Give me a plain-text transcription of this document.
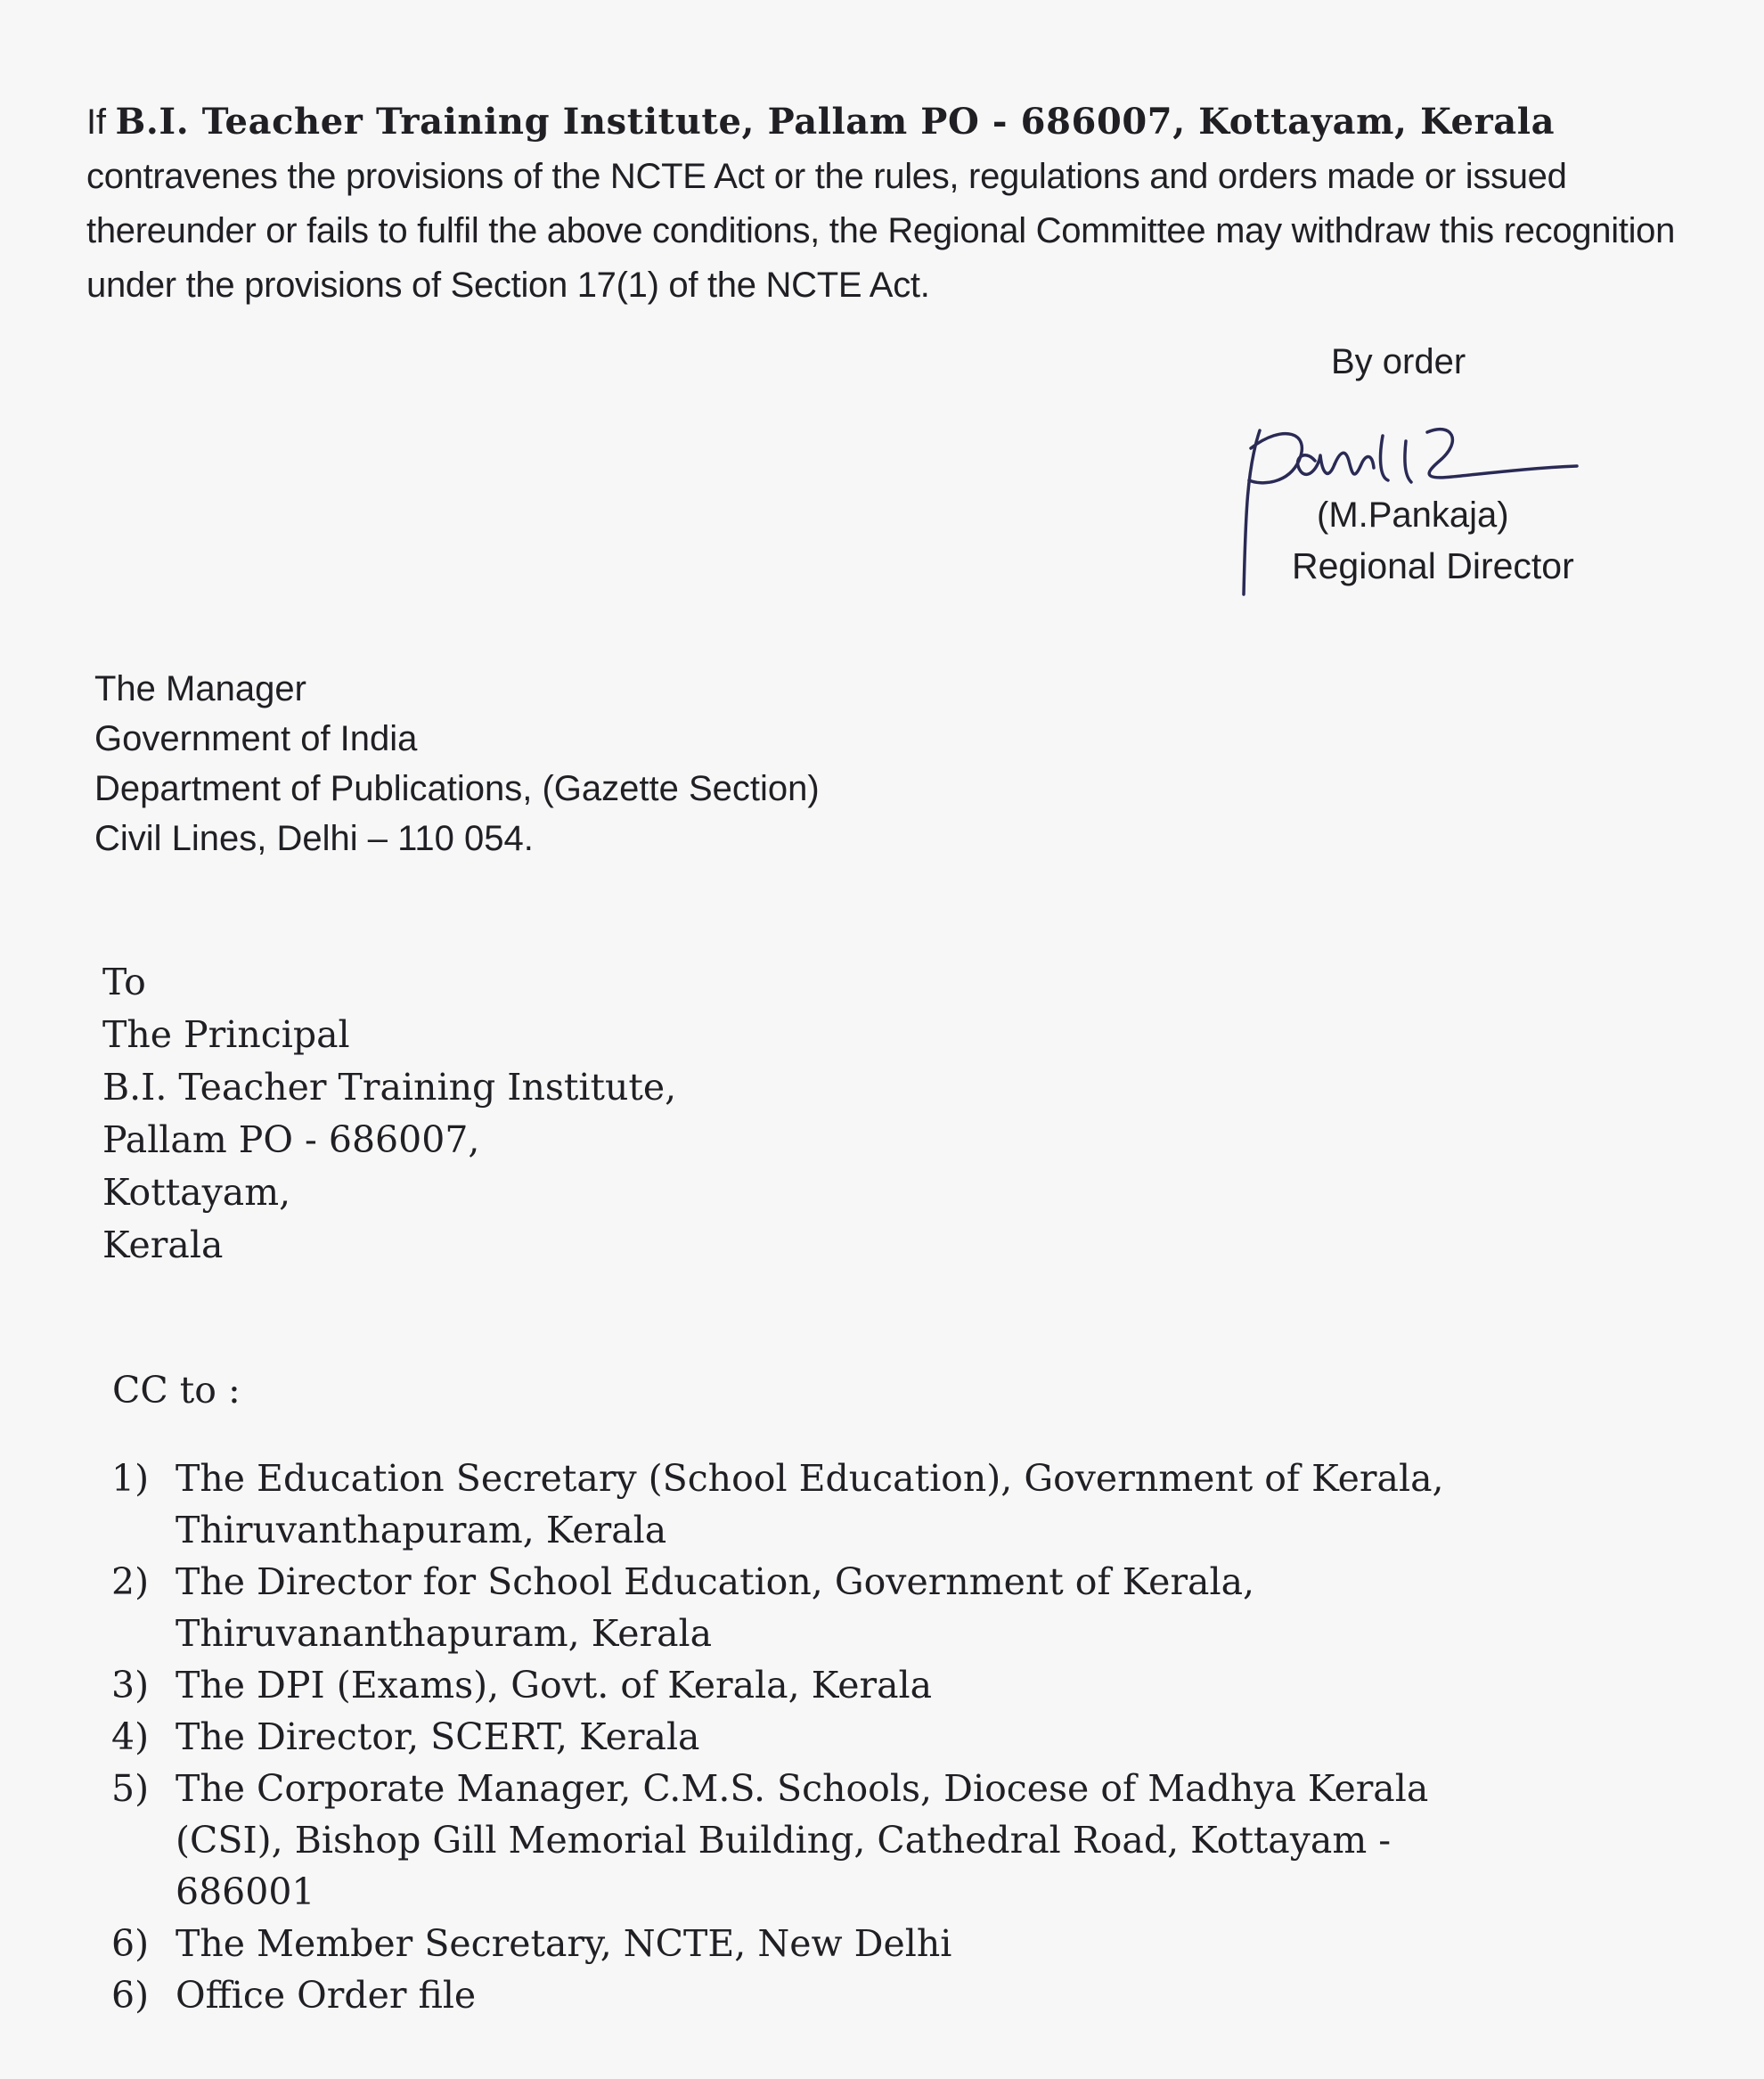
If B.I. Teacher Training Institute, Pallam PO - 686007, Kottayam, Kerala contravenes the provisions of the NCTE Act or the rules, regulations and orders made or issued thereunder or fails to fulfil the above conditions, the Regional Committee may withdraw this recognition under the provisions of Section 17(1) of the NCTE Act.
By order
(M.Pankaja)
Regional Director
The Manager
Government of India
Department of Publications, (Gazette Section)
Civil Lines, Delhi – 110 054.
To
The Principal
B.I. Teacher Training Institute,
Pallam PO - 686007,
Kottayam,
Kerala
CC to :
1) The Education Secretary (School Education), Government of Kerala,
Thiruvanthapuram, Kerala
2) The Director for School Education, Government of Kerala,
Thiruvananthapuram, Kerala
3) The DPI (Exams), Govt. of Kerala, Kerala
4) The Director, SCERT, Kerala
5) The Corporate Manager, C.M.S. Schools, Diocese of Madhya Kerala
(CSI), Bishop Gill Memorial Building, Cathedral Road, Kottayam -
686001
6) The Member Secretary, NCTE, New Delhi
6) Office Order file
